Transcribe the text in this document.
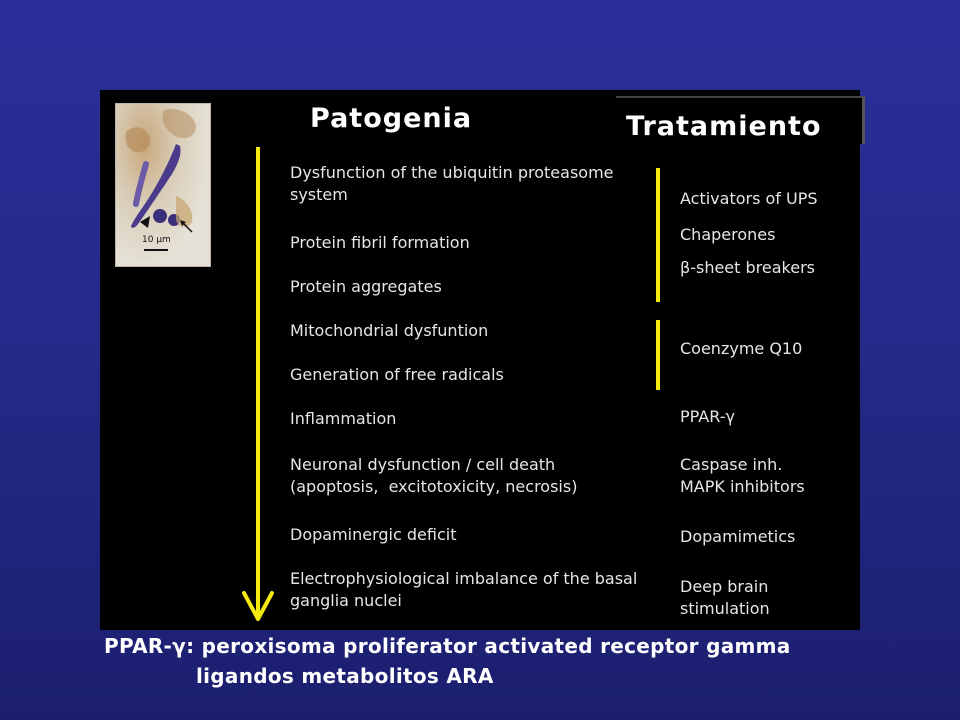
10 µm
Patogenia	Tratamiento
Dysfunction of the ubiquitin proteasome
system
Protein fibril formation
Protein aggregates
Mitochondrial dysfuntion
Generation of free radicals
Inflammation
Neuronal dysfunction / cell death
(apoptosis,  excitotoxicity, necrosis)
Dopaminergic deficit
Electrophysiological imbalance of the basal
ganglia nuclei
Activators of UPS
Chaperones
β-sheet breakers
Coenzyme Q10
PPAR-γ
Caspase inh.
MAPK inhibitors
Dopamimetics
Deep brain
stimulation
PPAR-γ: peroxisoma proliferator activated receptor gamma
ligandos metabolitos ARA
